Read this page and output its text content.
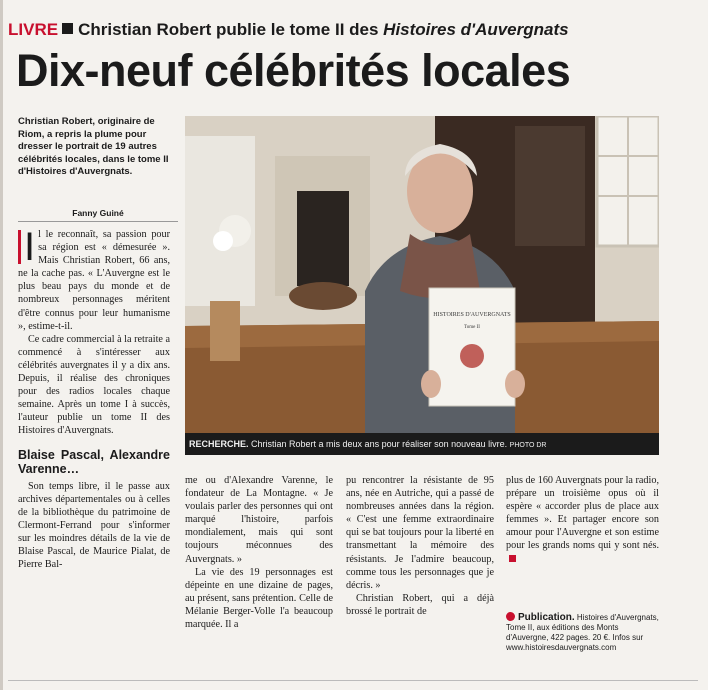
LIVRE Christian Robert publie le tome II des Histoires d'Auvergnats
Dix-neuf célébrités locales
Christian Robert, originaire de Riom, a repris la plume pour dresser le portrait de 19 autres célébrités locales, dans le tome II d'Histoires d'Auvergnats.
Fanny Guiné

I l le reconnaît, sa passion pour sa région est « démesurée ». Mais Christian Robert, 66 ans, ne la cache pas. « L'Auvergne est le plus beau pays du monde et de nombreux personnages méritent d'être connus pour leur humanisme », estime-t-il.

Ce cadre commercial à la retraite a commencé à s'intéresser aux célébrités auvergnates il y a dix ans. Depuis, il réalise des chroniques pour des radios locales chaque semaine. Après un tome I à succès, l'auteur publie un tome II des Histoires d'Auvergnats.

Blaise Pascal, Alexandre Varenne…

Son temps libre, il le passe aux archives départementales ou à celles de la bibliothèque du patrimoine de Clermont-Ferrand pour s'informer sur les moindres détails de la vie de Blaise Pascal, de Maurice Pialat, de Pierre Bal-

HISTOIRES D'AUVERGNATS
Tome II
RECHERCHE. Christian Robert a mis deux ans pour réaliser son nouveau livre. PHOTO DR

me ou d'Alexandre Varenne, le fondateur de La Montagne. « Je voulais parler des personnes qui ont marqué l'histoire, parfois mondialement, mais qui sont toujours méconnues des Auvergnats. »

La vie des 19 personnages est dépeinte en une dizaine de pages, au présent, sans prétention. Celle de Mélanie Berger-Volle l'a beaucoup marquée. Il a

pu rencontrer la résistante de 95 ans, née en Autriche, qui a passé de nombreuses années dans la région. « C'est une femme extraordinaire qui se bat toujours pour la liberté en transmettant la mémoire des résistants. Je l'admire beaucoup, comme tous les personnages que je décris. »

Christian Robert, qui a déjà brossé le portrait de

plus de 160 Auvergnats pour la radio, prépare un troisième opus où il espère « accorder plus de place aux femmes ». Et partager encore son amour pour l'Auvergne et son estime pour les grands noms qui y sont nés.

Publication. Histoires d'Auvergnats, Tome II, aux éditions des Monts d'Auvergne, 422 pages. 20 €. Infos sur www.histoiresdauvergnats.com
